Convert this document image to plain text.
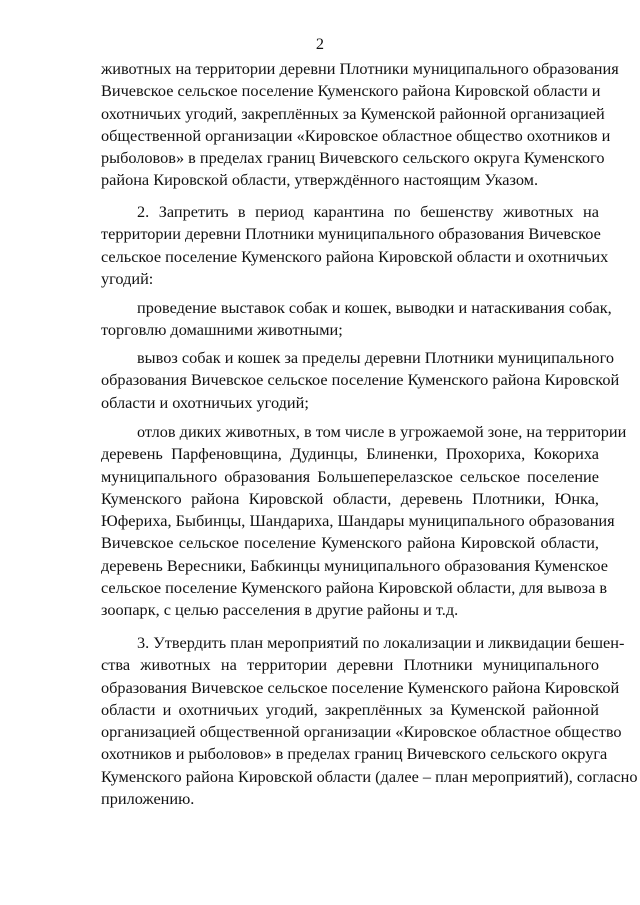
2
животных на территории деревни Плотники муниципального образования
Вичевское сельское поселение Куменского района Кировской области и
охотничьих угодий, закреплённых за Куменской районной организацией
общественной организации «Кировское областное общество охотников и
рыболовов» в пределах границ Вичевского сельского округа Куменского
района Кировской области, утверждённого настоящим Указом.
2. Запретить в период карантина по бешенству животных на
территории деревни Плотники муниципального образования Вичевское
сельское поселение Куменского района Кировской области и охотничьих
угодий:
проведение выставок собак и кошек, выводки и натаскивания собак,
торговлю домашними животными;
вывоз собак и кошек за пределы деревни Плотники муниципального
образования Вичевское сельское поселение Куменского района Кировской
области и охотничьих угодий;
отлов диких животных, в том числе в угрожаемой зоне, на территории
деревень Парфеновщина, Дудинцы, Блиненки, Прохориха, Кокориха
муниципального образования Большеперелазское сельское поселение
Куменского района Кировской области, деревень Плотники, Юнка,
Юфериха, Быбинцы, Шандариха, Шандары муниципального образования
Вичевское сельское поселение Куменского района Кировской области,
деревень Вересники, Бабкинцы муниципального образования Куменское
сельское поселение Куменского района Кировской области, для вывоза в
зоопарк, с целью расселения в другие районы и т.д.
3. Утвердить план мероприятий по локализации и ликвидации бешен-
ства животных на территории деревни Плотники муниципального
образования Вичевское сельское поселение Куменского района Кировской
области и охотничьих угодий, закреплённых за Куменской районной
организацией общественной организации «Кировское областное общество
охотников и рыболовов» в пределах границ Вичевского сельского округа
Куменского района Кировской области (далее – план мероприятий), согласно
приложению.
